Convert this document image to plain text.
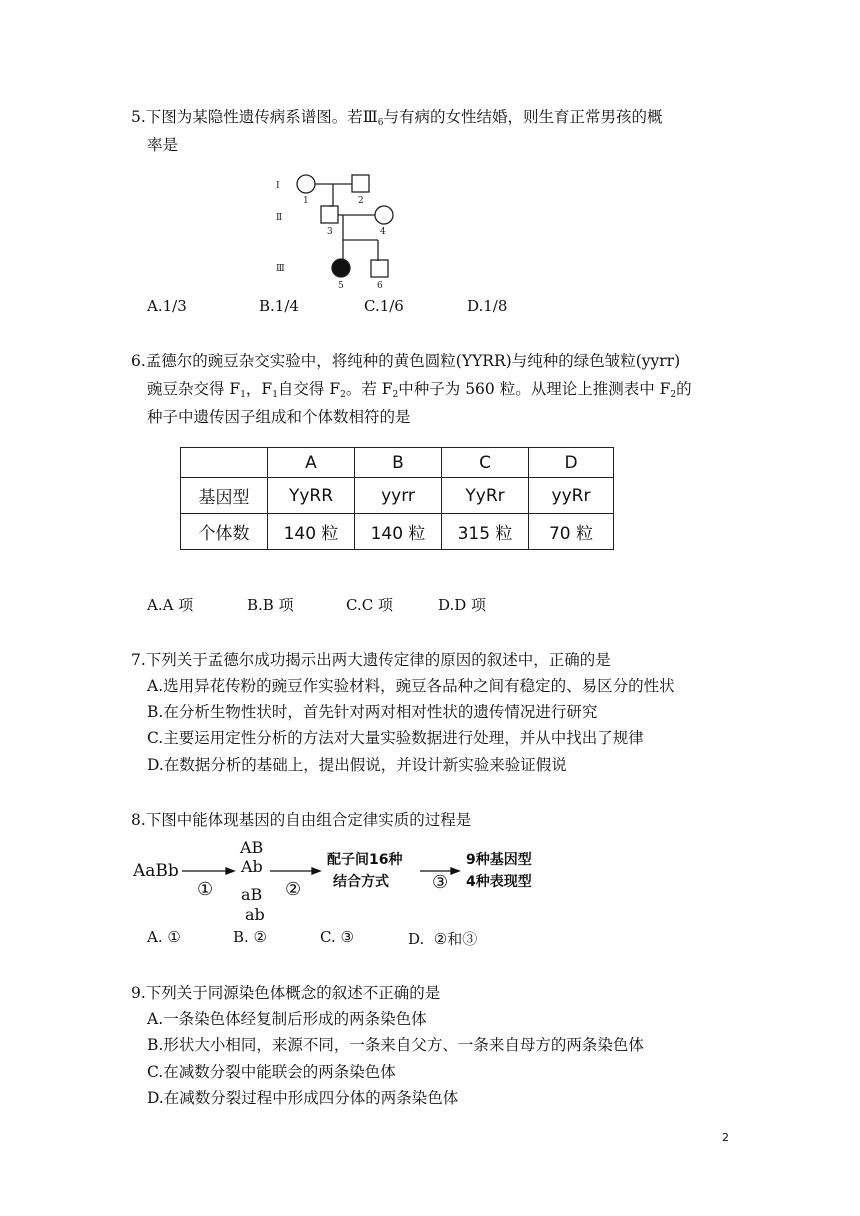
5.下图为某隐性遗传病系谱图。若$Ⅲ_6$与有病的女性结婚，则生育正常男孩的概
率是
Ⅰ
Ⅱ
Ⅲ
1	2
3	4
5	6
A.1/3	B.1/4	C.1/6	D.1/8
6.孟德尔的豌豆杂交实验中，将纯种的黄色圆粒(YYRR)与纯种的绿色皱粒(yyrr)
豌豆杂交得 $F_1$，$F_1$自交得 $F_2$。若 $F_2$中种子为 560 粒。从理论上推测表中 $F_2$的
种子中遗传因子组成和个体数相符的是
	A	B	C	D
基因型	YyRR	yyrr	YyRr	yyRr
个体数	140 粒	140 粒	315 粒	70 粒
A.A 项	B.B 项	C.C 项	D.D 项
7.下列关于孟德尔成功揭示出两大遗传定律的原因的叙述中，正确的是
A.选用异花传粉的豌豆作实验材料，豌豆各品种之间有稳定的、易区分的性状
B.在分析生物性状时，首先针对两对相对性状的遗传情况进行研究
C.主要运用定性分析的方法对大量实验数据进行处理，并从中找出了规律
D.在数据分析的基础上，提出假说，并设计新实验来验证假说
8.下图中能体现基因的自由组合定律实质的过程是
AaBb
AB
Ab
aB
ab
①	②	③
配子间16种
结合方式
9种基因型
4种表现型
A. ①	B. ②	C. ③	D.  ②和③
9.下列关于同源染色体概念的叙述不正确的是
A.一条染色体经复制后形成的两条染色体
B.形状大小相同，来源不同，一条来自父方、一条来自母方的两条染色体
C.在减数分裂中能联会的两条染色体
D.在减数分裂过程中形成四分体的两条染色体
2
